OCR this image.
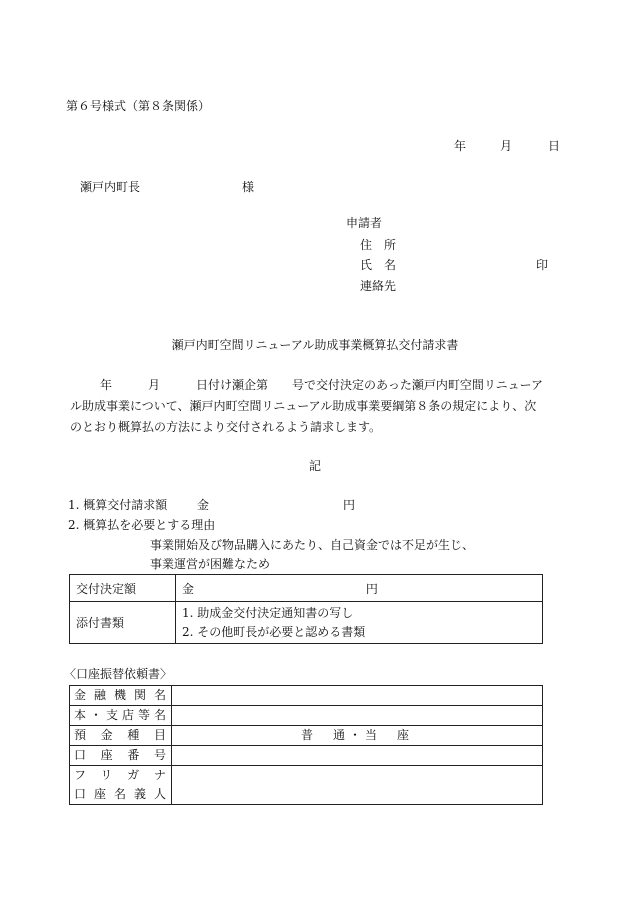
第６号様式（第８条関係）
年	月	日
瀬戸内町長	様
申請者
住　所
氏　名	印
連絡先
瀬戸内町空間リニューアル助成事業概算払交付請求書
年　　　月　　　日付け瀬企第　　号で交付決定のあった瀬戸内町空間リニューア
ル助成事業について、瀬戸内町空間リニューアル助成事業要綱第８条の規定により、次
のとおり概算払の方法により交付されるよう請求します。
記
1. 概算交付請求額 金	円
2. 概算払を必要とする理由
事業開始及び物品購入にあたり、自己資金では不足が生じ、
事業運営が困難なため
交付決定額	金 円
添付書類	1. 助成金交付決定通知書の写し
2. その他町長が必要と認める書類
〈口座振替依頼書〉
金融機関名	
本・支店等名	
預金種目	普　通・当　座
口座番号	

フリガナ
口座名義人	
